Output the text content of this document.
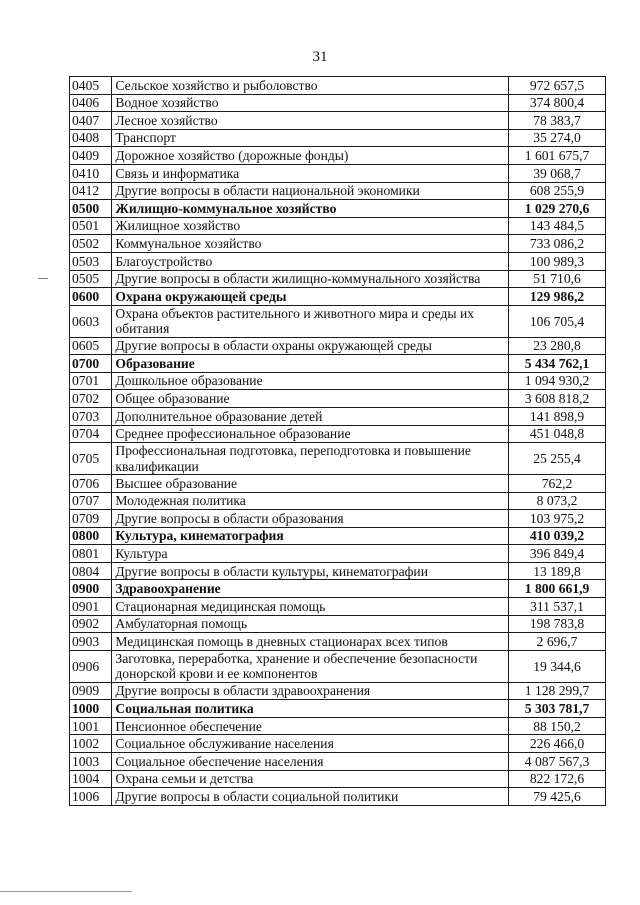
31
0405	Сельское хозяйство и рыболовство	972 657,5
0406	Водное хозяйство	374 800,4
0407	Лесное хозяйство	78 383,7
0408	Транспорт	35 274,0
0409	Дорожное хозяйство (дорожные фонды)	1 601 675,7
0410	Связь и информатика	39 068,7
0412	Другие вопросы в области национальной экономики	608 255,9
0500	Жилищно-коммунальное хозяйство	1 029 270,6
0501	Жилищное хозяйство	143 484,5
0502	Коммунальное хозяйство	733 086,2
0503	Благоустройство	100 989,3
0505	Другие вопросы в области жилищно-коммунального хозяйства	51 710,6
0600	Охрана окружающей среды	129 986,2
0603	Охрана объектов растительного и животного мира и среды их обитания	106 705,4
0605	Другие вопросы в области охраны окружающей среды	23 280,8
0700	Образование	5 434 762,1
0701	Дошкольное образование	1 094 930,2
0702	Общее образование	3 608 818,2
0703	Дополнительное образование детей	141 898,9
0704	Среднее профессиональное образование	451 048,8
0705	Профессиональная подготовка, переподготовка и повышение квалификации	25 255,4
0706	Высшее образование	762,2
0707	Молодежная политика	8 073,2
0709	Другие вопросы в области образования	103 975,2
0800	Культура, кинематография	410 039,2
0801	Культура	396 849,4
0804	Другие вопросы в области культуры, кинематографии	13 189,8
0900	Здравоохранение	1 800 661,9
0901	Стационарная медицинская помощь	311 537,1
0902	Амбулаторная помощь	198 783,8
0903	Медицинская помощь в дневных стационарах всех типов	2 696,7
0906	Заготовка, переработка, хранение и обеспечение безопасности донорской крови и ее компонентов	19 344,6
0909	Другие вопросы в области здравоохранения	1 128 299,7
1000	Социальная политика	5 303 781,7
1001	Пенсионное обеспечение	88 150,2
1002	Социальное обслуживание населения	226 466,0
1003	Социальное обеспечение населения	4 087 567,3
1004	Охрана семьи и детства	822 172,6
1006	Другие вопросы в области социальной политики	79 425,6
